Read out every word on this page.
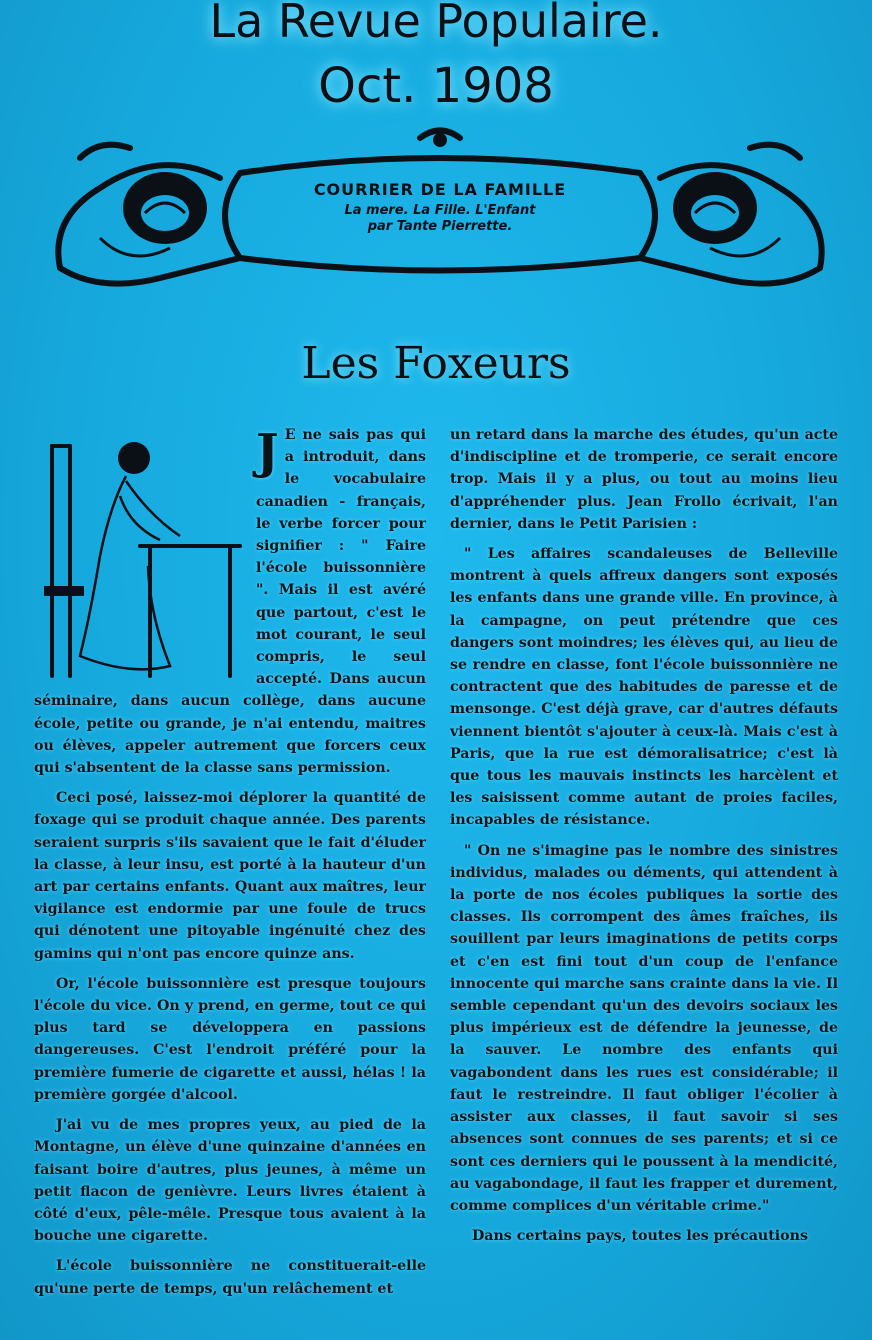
La Revue Populaire.
Oct. 1908
COURRIER DE LA FAMILLE
La mere. La Fille. L'Enfant
par Tante Pierrette.
Les Foxeurs
J E ne sais pas qui a introduit, dans le vocabulaire canadien - français, le verbe forcer pour signifier : " Faire l'école buissonnière ". Mais il est avéré que partout, c'est le mot courant, le seul compris, le seul accepté. Dans aucun séminaire, dans aucun collège, dans aucune école, petite ou grande, je n'ai entendu, maitres ou élèves, appeler autrement que forcers ceux qui s'absentent de la classe sans permission.

Ceci posé, laissez-moi déplorer la quantité de foxage qui se produit chaque année. Des parents seraient surpris s'ils savaient que le fait d'éluder la classe, à leur insu, est porté à la hauteur d'un art par certains enfants. Quant aux maîtres, leur vigilance est endormie par une foule de trucs qui dénotent une pitoyable ingénuité chez des gamins qui n'ont pas encore quinze ans.

Or, l'école buissonnière est presque toujours l'école du vice. On y prend, en germe, tout ce qui plus tard se développera en passions dangereuses. C'est l'endroit préféré pour la première fumerie de cigarette et aussi, hélas ! la première gorgée d'alcool.

J'ai vu de mes propres yeux, au pied de la Montagne, un élève d'une quinzaine d'années en faisant boire d'autres, plus jeunes, à même un petit flacon de genièvre. Leurs livres étaient à côté d'eux, pêle-mêle. Presque tous avaient à la bouche une cigarette.

L'école buissonnière ne constituerait-elle qu'une perte de temps, qu'un relâchement et

un retard dans la marche des études, qu'un acte d'indiscipline et de tromperie, ce serait encore trop. Mais il y a plus, ou tout au moins lieu d'appréhender plus. Jean Frollo écrivait, l'an dernier, dans le Petit Parisien :

" Les affaires scandaleuses de Belleville montrent à quels affreux dangers sont exposés les enfants dans une grande ville. En province, à la campagne, on peut prétendre que ces dangers sont moindres; les élèves qui, au lieu de se rendre en classe, font l'école buissonnière ne contractent que des habitudes de paresse et de mensonge. C'est déjà grave, car d'autres défauts viennent bientôt s'ajouter à ceux-là. Mais c'est à Paris, que la rue est démoralisatrice; c'est là que tous les mauvais instincts les harcèlent et les saisissent comme autant de proies faciles, incapables de résistance.

" On ne s'imagine pas le nombre des sinistres individus, malades ou déments, qui attendent à la porte de nos écoles publiques la sortie des classes. Ils corrompent des âmes fraîches, ils souillent par leurs imaginations de petits corps et c'en est fini tout d'un coup de l'enfance innocente qui marche sans crainte dans la vie. Il semble cependant qu'un des devoirs sociaux les plus impérieux est de défendre la jeunesse, de la sauver. Le nombre des enfants qui vagabondent dans les rues est considérable; il faut le restreindre. Il faut obliger l'écolier à assister aux classes, il faut savoir si ses absences sont connues de ses parents; et si ce sont ces derniers qui le poussent à la mendicité, au vagabondage, il faut les frapper et durement, comme complices d'un véritable crime."

Dans certains pays, toutes les précautions
